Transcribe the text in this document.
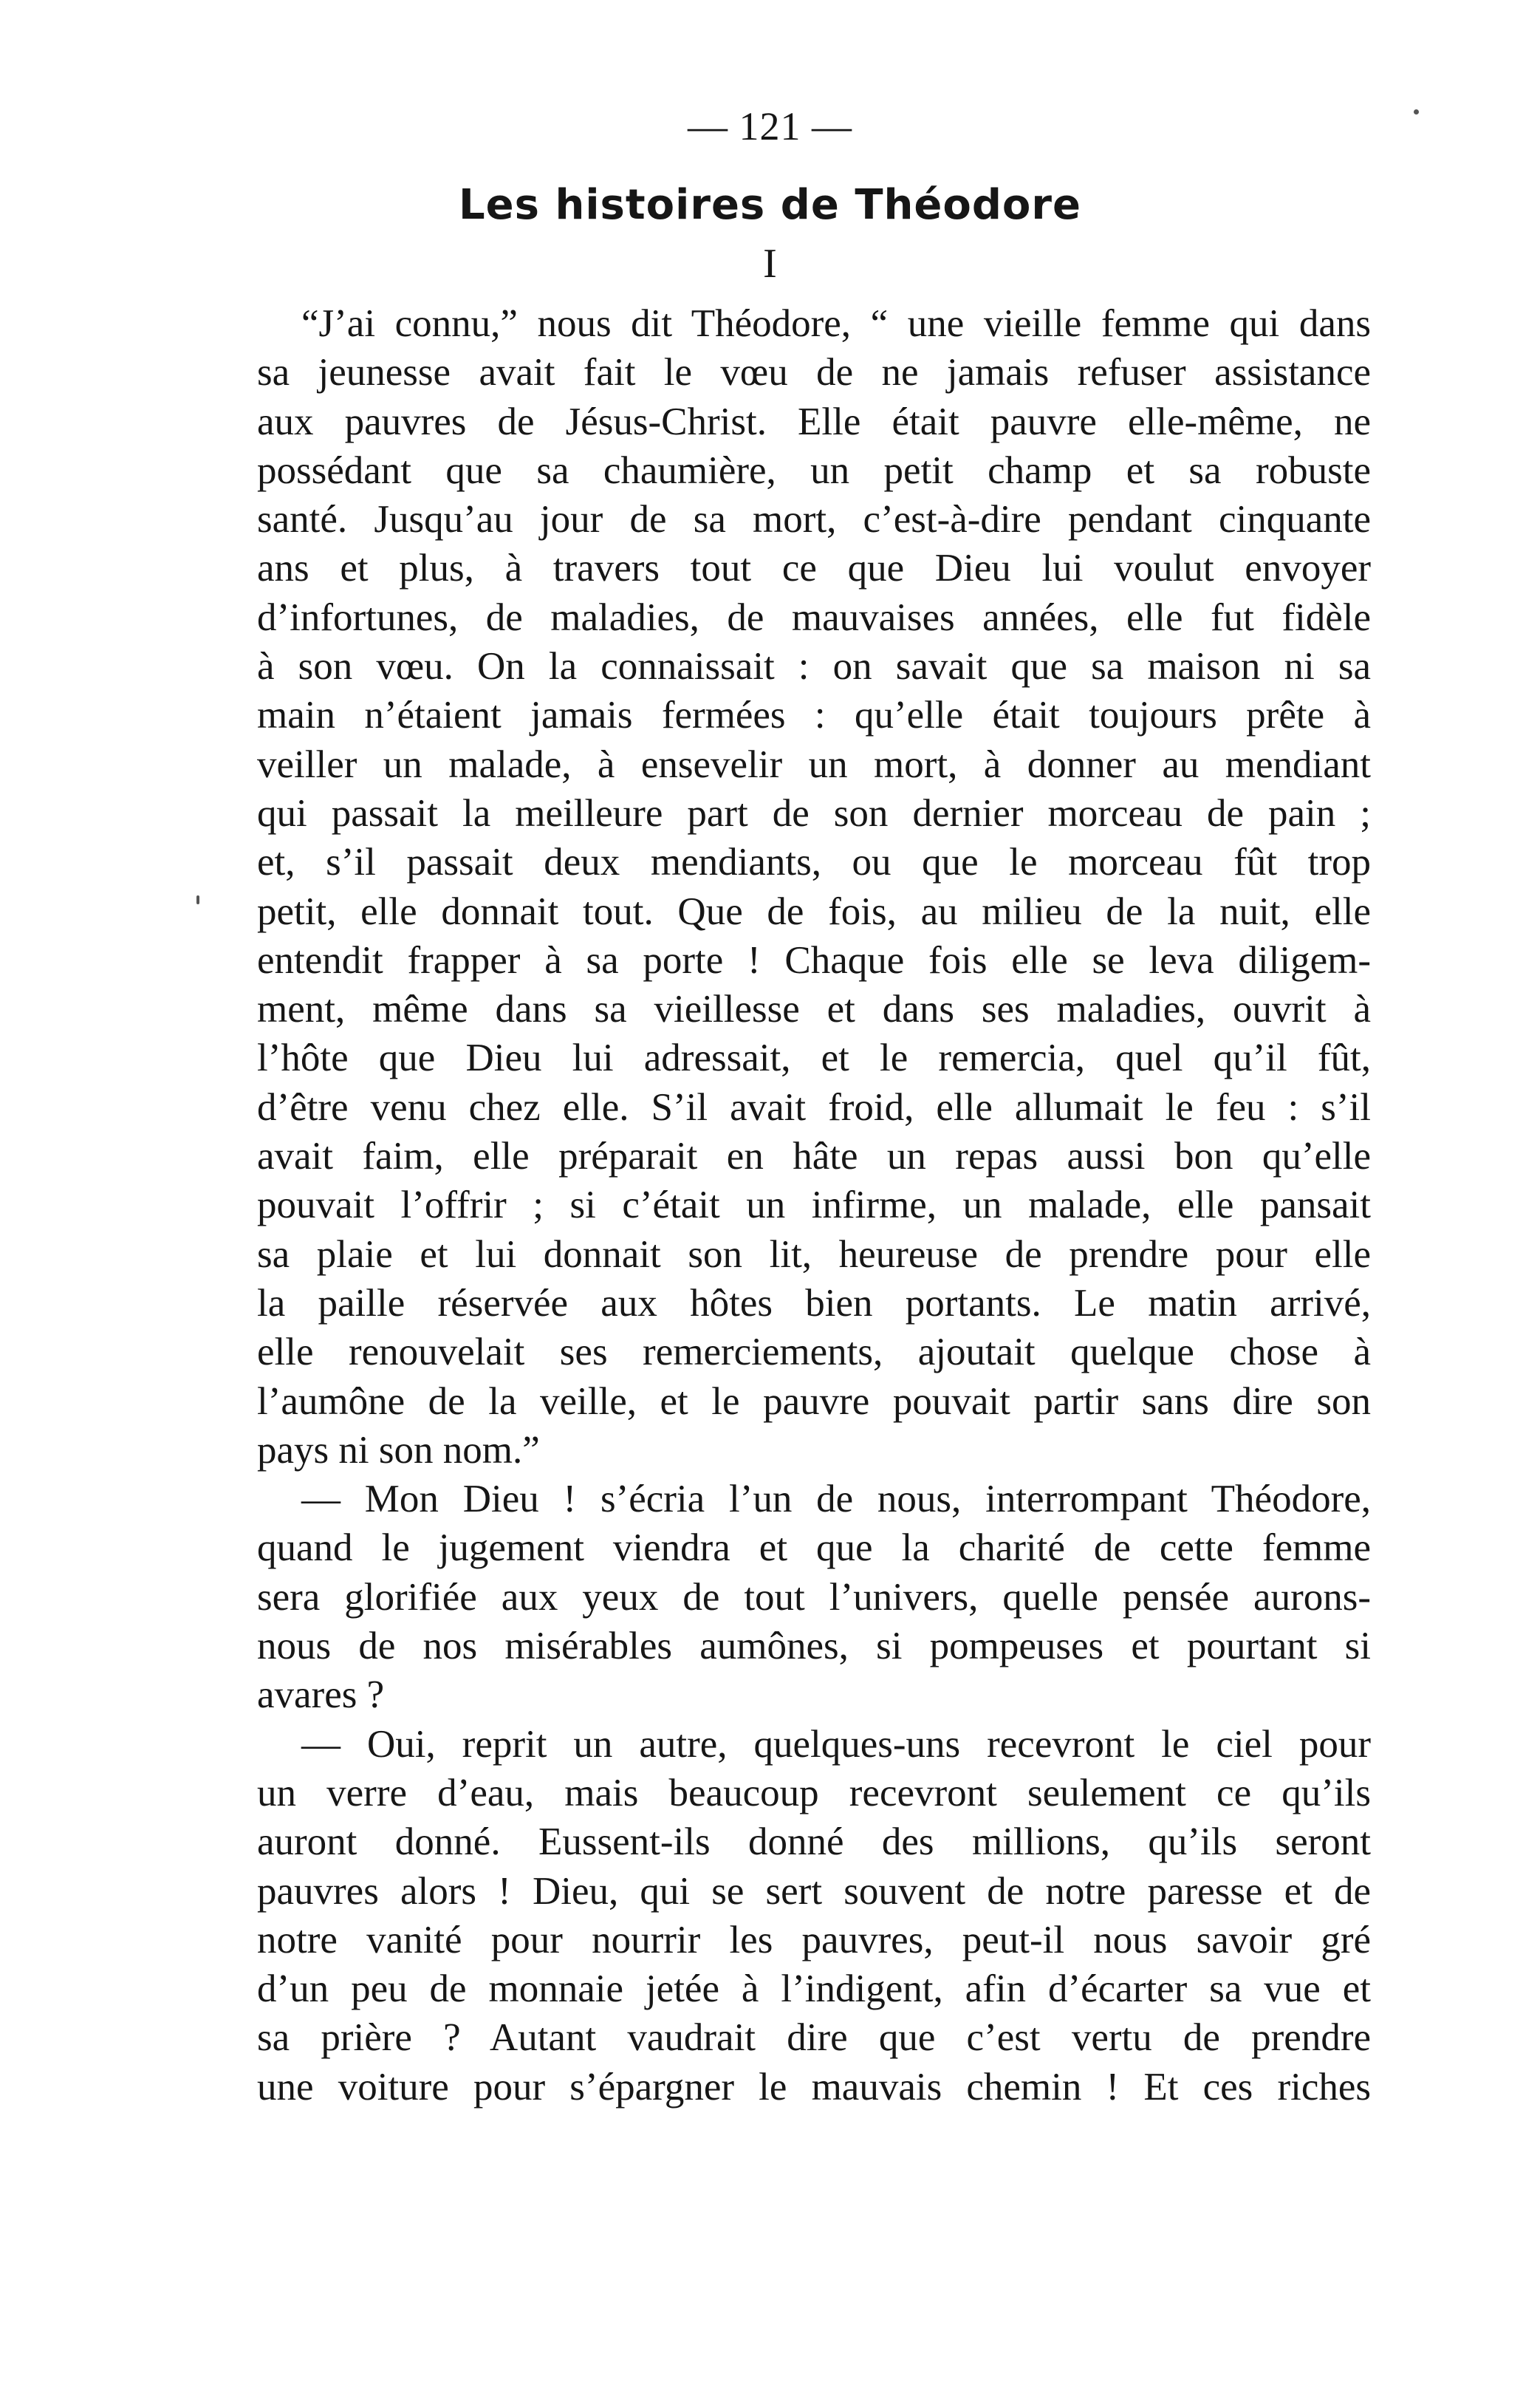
— 121 —
Les histoires de Théodore
I
“J’ai connu,” nous dit Théodore, “ une vieille femme qui dans
sa jeunesse avait fait le vœu de ne jamais refuser assistance
aux pauvres de Jésus-Christ. Elle était pauvre elle-même, ne
possédant que sa chaumière, un petit champ et sa robuste
santé. Jusqu’au jour de sa mort, c’est-à-dire pendant cinquante
ans et plus, à travers tout ce que Dieu lui voulut envoyer
d’infortunes, de maladies, de mauvaises années, elle fut fidèle
à son vœu. On la connaissait : on savait que sa maison ni sa
main n’étaient jamais fermées : qu’elle était toujours prête à
veiller un malade, à ensevelir un mort, à donner au mendiant
qui passait la meilleure part de son dernier morceau de pain ;
et, s’il passait deux mendiants, ou que le morceau fût trop
petit, elle donnait tout. Que de fois, au milieu de la nuit, elle
entendit frapper à sa porte ! Chaque fois elle se leva diligem-
ment, même dans sa vieillesse et dans ses maladies, ouvrit à
l’hôte que Dieu lui adressait, et le remercia, quel qu’il fût,
d’être venu chez elle. S’il avait froid, elle allumait le feu : s’il
avait faim, elle préparait en hâte un repas aussi bon qu’elle
pouvait l’offrir ; si c’était un infirme, un malade, elle pansait
sa plaie et lui donnait son lit, heureuse de prendre pour elle
la paille réservée aux hôtes bien portants. Le matin arrivé,
elle renouvelait ses remerciements, ajoutait quelque chose à
l’aumône de la veille, et le pauvre pouvait partir sans dire son
pays ni son nom.”
— Mon Dieu ! s’écria l’un de nous, interrompant Théodore,
quand le jugement viendra et que la charité de cette femme
sera glorifiée aux yeux de tout l’univers, quelle pensée aurons-
nous de nos misérables aumônes, si pompeuses et pourtant si
avares ?
— Oui, reprit un autre, quelques-uns recevront le ciel pour
un verre d’eau, mais beaucoup recevront seulement ce qu’ils
auront donné. Eussent-ils donné des millions, qu’ils seront
pauvres alors ! Dieu, qui se sert souvent de notre paresse et de
notre vanité pour nourrir les pauvres, peut-il nous savoir gré
d’un peu de monnaie jetée à l’indigent, afin d’écarter sa vue et
sa prière ? Autant vaudrait dire que c’est vertu de prendre
une voiture pour s’épargner le mauvais chemin ! Et ces riches
